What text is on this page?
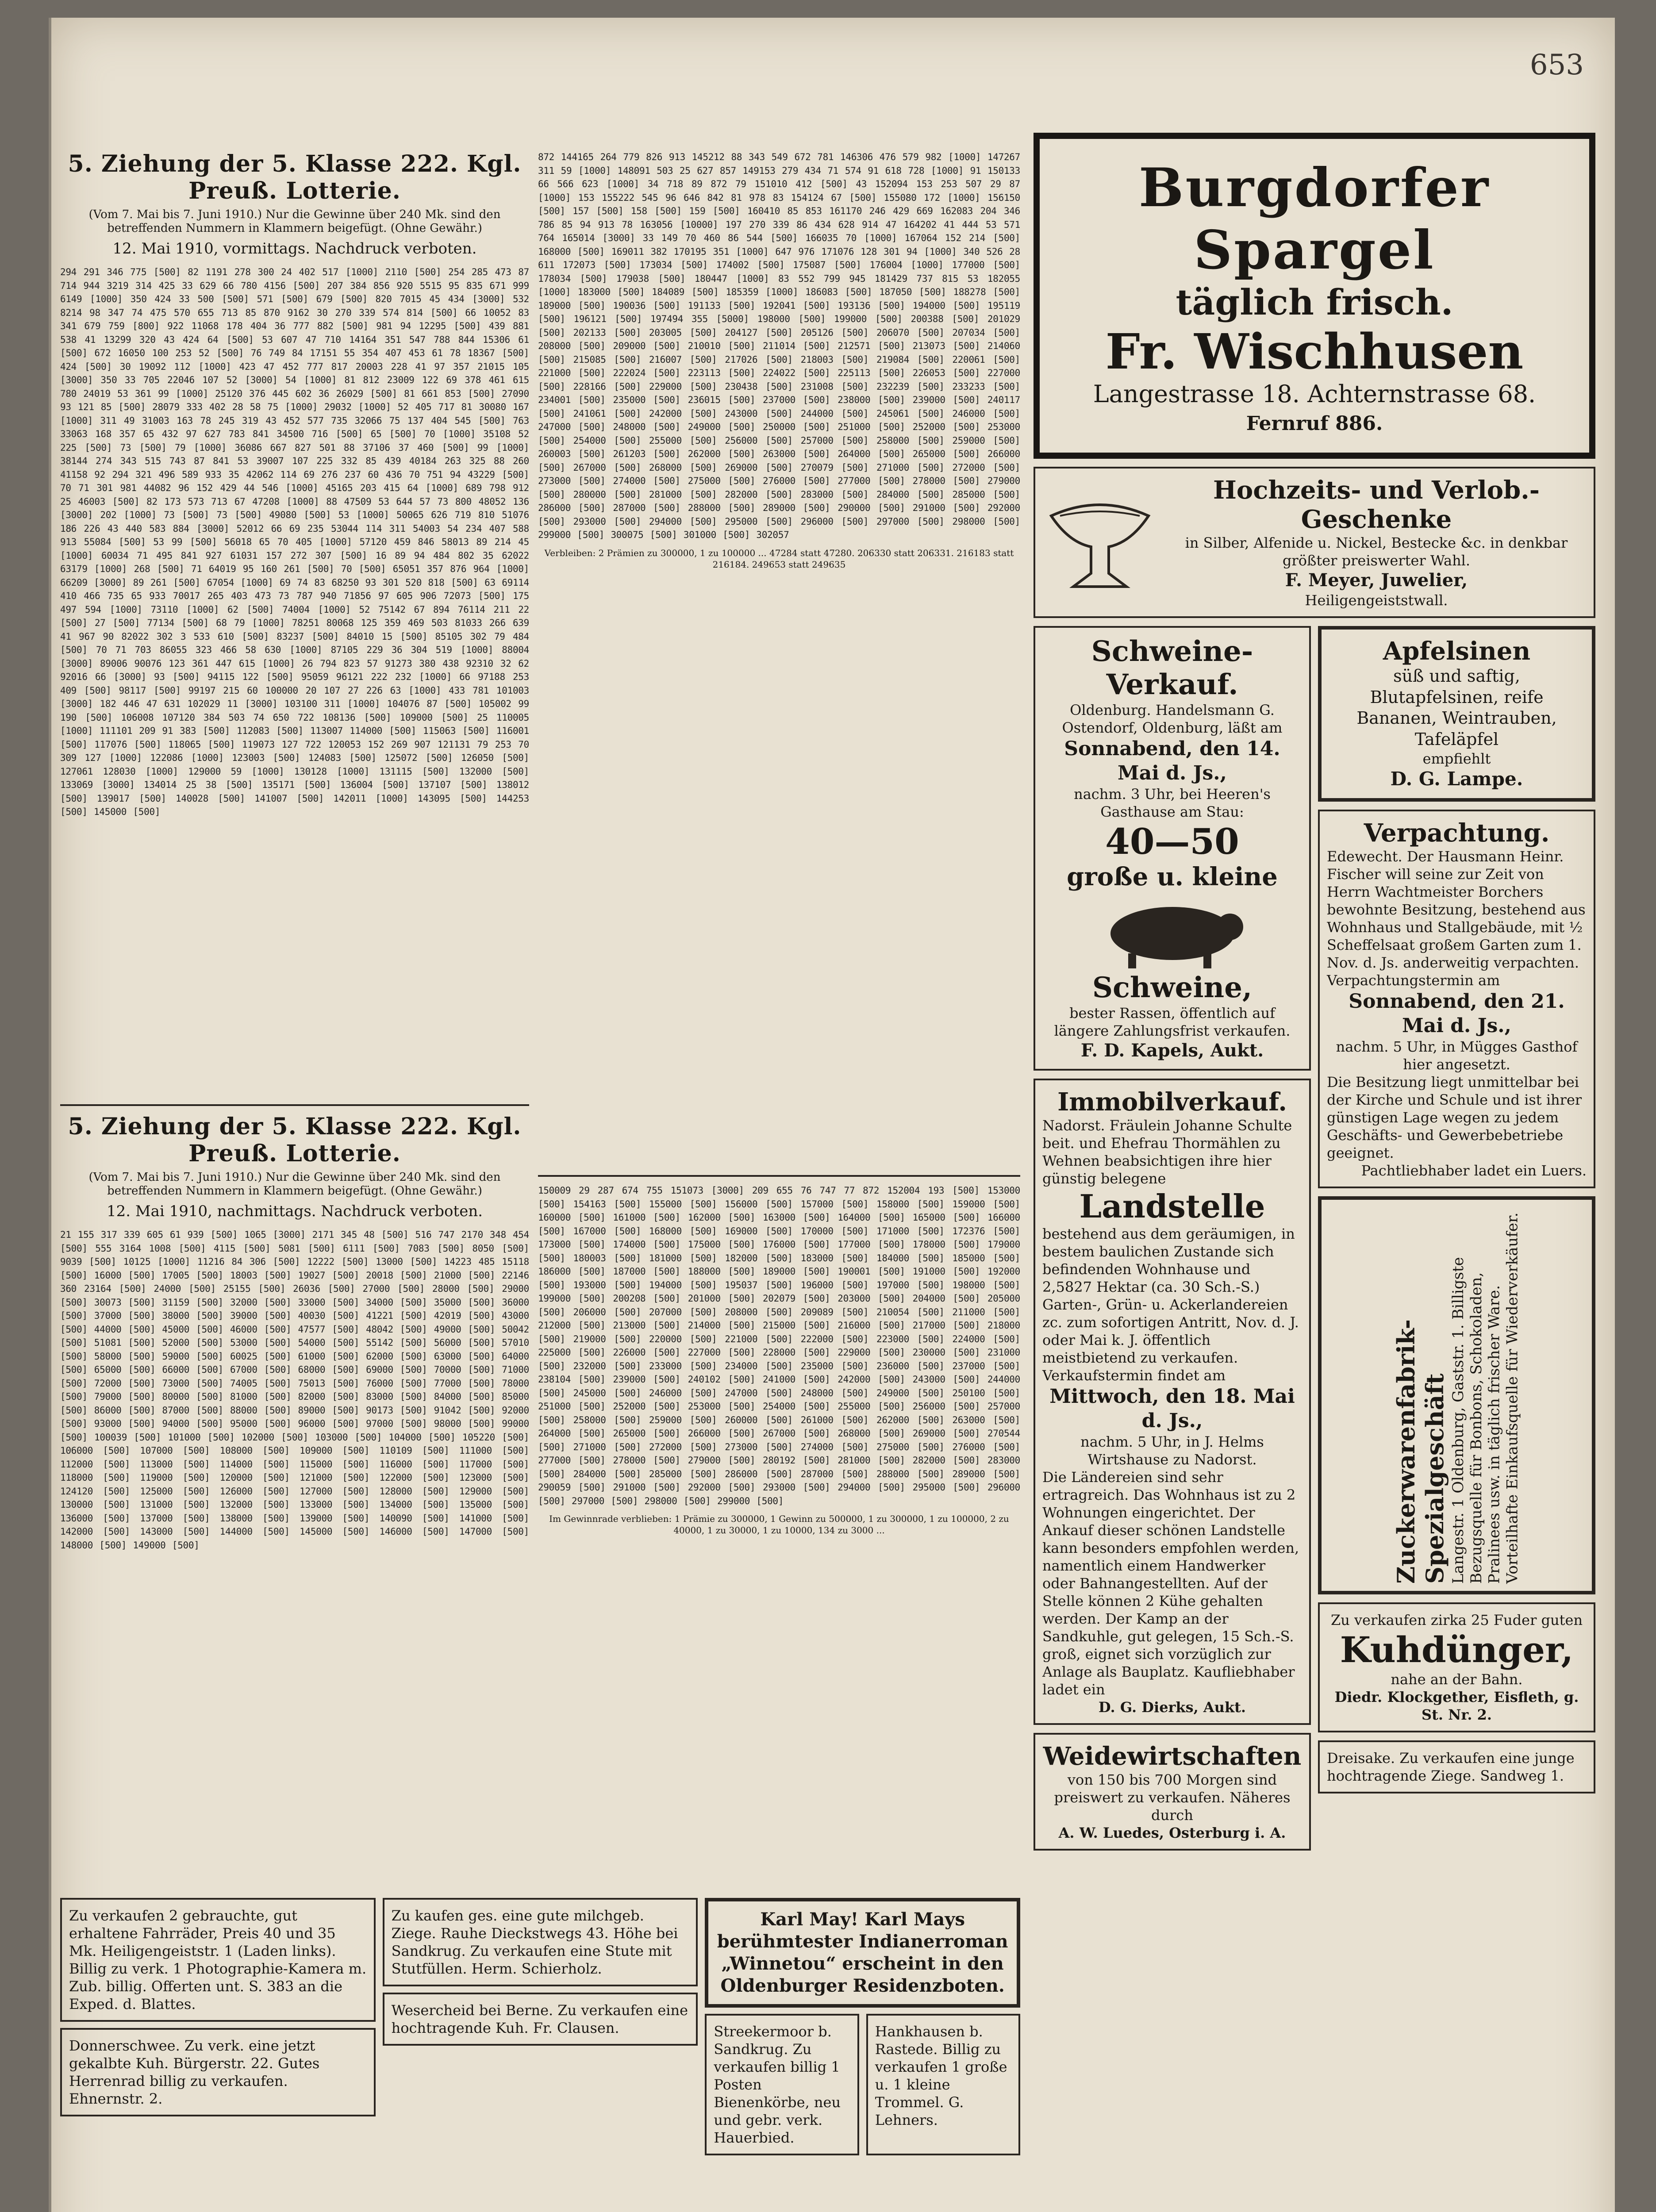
653
5. Ziehung der 5. Klasse 222. Kgl. Preuß. Lotterie.
(Vom 7. Mai bis 7. Juni 1910.) Nur die Gewinne über 240 Mk. sind den betreffenden Nummern in Klammern beigefügt. (Ohne Gewähr.)
12. Mai 1910, vormittags. Nachdruck verboten.
294 291 346 775 [500] 82 1191 278 300 24 402 517 [1000] 2110 [500] 254 285 473 87 714 944 3219 314 425 33 629 66 780 4156 [500] 207 384 856 920 5515 95 835 671 999 6149 [1000] 350 424 33 500 [500] 571 [500] 679 [500] 820 7015 45 434 [3000] 532 8214 98 347 74 475 570 655 713 85 870 9162 30 270 339 574 814 [500] 66 10052 83 341 679 759 [800] 922 11068 178 404 36 777 882 [500] 981 94 12295 [500] 439 881 538 41 13299 320 43 424 64 [500] 53 607 47 710 14164 351 547 788 844 15306 61 [500] 672 16050 100 253 52 [500] 76 749 84 17151 55 354 407 453 61 78 18367 [500] 424 [500] 30 19092 112 [1000] 423 47 452 777 817 20003 228 41 97 357 21015 105 [3000] 350 33 705 22046 107 52 [3000] 54 [1000] 81 812 23009 122 69 378 461 615 780 24019 53 361 99 [1000] 25120 376 445 602 36 26029 [500] 81 661 853 [500] 27090 93 121 85 [500] 28079 333 402 28 58 75 [1000] 29032 [1000] 52 405 717 81 30080 167 [1000] 311 49 31003 163 78 245 319 43 452 577 735 32066 75 137 404 545 [500] 763 33063 168 357 65 432 97 627 783 841 34500 716 [500] 65 [500] 70 [1000] 35108 52 225 [500] 73 [500] 79 [1000] 36086 667 827 501 88 37106 37 460 [500] 99 [1000] 38144 274 343 515 743 87 841 53 39007 107 225 332 85 439 40184 263 325 88 260 41158 92 294 321 496 589 933 35 42062 114 69 276 237 60 436 70 751 94 43229 [500] 70 71 301 981 44082 96 152 429 44 546 [1000] 45165 203 415 64 [1000] 689 798 912 25 46003 [500] 82 173 573 713 67 47208 [1000] 88 47509 53 644 57 73 800 48052 136 [3000] 202 [1000] 73 [500] 73 [500] 49080 [500] 53 [1000] 50065 626 719 810 51076 186 226 43 440 583 884 [3000] 52012 66 69 235 53044 114 311 54003 54 234 407 588 913 55084 [500] 53 99 [500] 56018 65 70 405 [1000] 57120 459 846 58013 89 214 45 [1000] 60034 71 495 841 927 61031 157 272 307 [500] 16 89 94 484 802 35 62022 63179 [1000] 268 [500] 71 64019 95 160 261 [500] 70 [500] 65051 357 876 964 [1000] 66209 [3000] 89 261 [500] 67054 [1000] 69 74 83 68250 93 301 520 818 [500] 63 69114 410 466 735 65 933 70017 265 403 473 73 787 940 71856 97 605 906 72073 [500] 175 497 594 [1000] 73110 [1000] 62 [500] 74004 [1000] 52 75142 67 894 76114 211 22 [500] 27 [500] 77134 [500] 68 79 [1000] 78251 80068 125 359 469 503 81033 266 639 41 967 90 82022 302 3 533 610 [500] 83237 [500] 84010 15 [500] 85105 302 79 484 [500] 70 71 703 86055 323 466 58 630 [1000] 87105 229 36 304 519 [1000] 88004 [3000] 89006 90076 123 361 447 615 [1000] 26 794 823 57 91273 380 438 92310 32 62 92016 66 [3000] 93 [500] 94115 122 [500] 95059 96121 222 232 [1000] 66 97188 253 409 [500] 98117 [500] 99197 215 60 100000 20 107 27 226 63 [1000] 433 781 101003 [3000] 182 446 47 631 102029 11 [3000] 103100 311 [1000] 104076 87 [500] 105002 99 190 [500] 106008 107120 384 503 74 650 722 108136 [500] 109000 [500] 25 110005 [1000] 111101 209 91 383 [500] 112083 [500] 113007 114000 [500] 115063 [500] 116001 [500] 117076 [500] 118065 [500] 119073 127 722 120053 152 269 907 121131 79 253 70 309 127 [1000] 122086 [1000] 123003 [500] 124083 [500] 125072 [500] 126050 [500] 127061 128030 [1000] 129000 59 [1000] 130128 [1000] 131115 [500] 132000 [500] 133069 [3000] 134014 25 38 [500] 135171 [500] 136004 [500] 137107 [500] 138012 [500] 139017 [500] 140028 [500] 141007 [500] 142011 [1000] 143095 [500] 144253 [500] 145000 [500]
5. Ziehung der 5. Klasse 222. Kgl. Preuß. Lotterie.
(Vom 7. Mai bis 7. Juni 1910.) Nur die Gewinne über 240 Mk. sind den betreffenden Nummern in Klammern beigefügt. (Ohne Gewähr.)
12. Mai 1910, nachmittags. Nachdruck verboten.
21 155 317 339 605 61 939 [500] 1065 [3000] 2171 345 48 [500] 516 747 2170 348 454 [500] 555 3164 1008 [500] 4115 [500] 5081 [500] 6111 [500] 7083 [500] 8050 [500] 9039 [500] 10125 [1000] 11216 84 306 [500] 12222 [500] 13000 [500] 14223 485 15118 [500] 16000 [500] 17005 [500] 18003 [500] 19027 [500] 20018 [500] 21000 [500] 22146 360 23164 [500] 24000 [500] 25155 [500] 26036 [500] 27000 [500] 28000 [500] 29000 [500] 30073 [500] 31159 [500] 32000 [500] 33000 [500] 34000 [500] 35000 [500] 36000 [500] 37000 [500] 38000 [500] 39000 [500] 40030 [500] 41221 [500] 42019 [500] 43000 [500] 44000 [500] 45000 [500] 46000 [500] 47577 [500] 48042 [500] 49000 [500] 50042 [500] 51081 [500] 52000 [500] 53000 [500] 54000 [500] 55142 [500] 56000 [500] 57010 [500] 58000 [500] 59000 [500] 60025 [500] 61000 [500] 62000 [500] 63000 [500] 64000 [500] 65000 [500] 66000 [500] 67000 [500] 68000 [500] 69000 [500] 70000 [500] 71000 [500] 72000 [500] 73000 [500] 74005 [500] 75013 [500] 76000 [500] 77000 [500] 78000 [500] 79000 [500] 80000 [500] 81000 [500] 82000 [500] 83000 [500] 84000 [500] 85000 [500] 86000 [500] 87000 [500] 88000 [500] 89000 [500] 90173 [500] 91042 [500] 92000 [500] 93000 [500] 94000 [500] 95000 [500] 96000 [500] 97000 [500] 98000 [500] 99000 [500] 100039 [500] 101000 [500] 102000 [500] 103000 [500] 104000 [500] 105220 [500] 106000 [500] 107000 [500] 108000 [500] 109000 [500] 110109 [500] 111000 [500] 112000 [500] 113000 [500] 114000 [500] 115000 [500] 116000 [500] 117000 [500] 118000 [500] 119000 [500] 120000 [500] 121000 [500] 122000 [500] 123000 [500] 124120 [500] 125000 [500] 126000 [500] 127000 [500] 128000 [500] 129000 [500] 130000 [500] 131000 [500] 132000 [500] 133000 [500] 134000 [500] 135000 [500] 136000 [500] 137000 [500] 138000 [500] 139000 [500] 140090 [500] 141000 [500] 142000 [500] 143000 [500] 144000 [500] 145000 [500] 146000 [500] 147000 [500] 148000 [500] 149000 [500]
872 144165 264 779 826 913 145212 88 343 549 672 781 146306 476 579 982 [1000] 147267 311 59 [1000] 148091 503 25 627 857 149153 279 434 71 574 91 618 728 [1000] 91 150133 66 566 623 [1000] 34 718 89 872 79 151010 412 [500] 43 152094 153 253 507 29 87 [1000] 153 155222 545 96 646 842 81 978 83 154124 67 [500] 155080 172 [1000] 156150 [500] 157 [500] 158 [500] 159 [500] 160410 85 853 161170 246 429 669 162083 204 346 786 85 94 913 78 163056 [10000] 197 270 339 86 434 628 914 47 164202 41 444 53 571 764 165014 [3000] 33 149 70 460 86 544 [500] 166035 70 [1000] 167064 152 214 [500] 168000 [500] 169011 382 170195 351 [1000] 647 976 171076 128 301 94 [1000] 340 526 28 611 172073 [500] 173034 [500] 174002 [500] 175087 [500] 176004 [1000] 177000 [500] 178034 [500] 179038 [500] 180447 [1000] 83 552 799 945 181429 737 815 53 182055 [1000] 183000 [500] 184089 [500] 185359 [1000] 186083 [500] 187050 [500] 188278 [500] 189000 [500] 190036 [500] 191133 [500] 192041 [500] 193136 [500] 194000 [500] 195119 [500] 196121 [500] 197494 355 [5000] 198000 [500] 199000 [500] 200388 [500] 201029 [500] 202133 [500] 203005 [500] 204127 [500] 205126 [500] 206070 [500] 207034 [500] 208000 [500] 209000 [500] 210010 [500] 211014 [500] 212571 [500] 213073 [500] 214060 [500] 215085 [500] 216007 [500] 217026 [500] 218003 [500] 219084 [500] 220061 [500] 221000 [500] 222024 [500] 223113 [500] 224022 [500] 225113 [500] 226053 [500] 227000 [500] 228166 [500] 229000 [500] 230438 [500] 231008 [500] 232239 [500] 233233 [500] 234001 [500] 235000 [500] 236015 [500] 237000 [500] 238000 [500] 239000 [500] 240117 [500] 241061 [500] 242000 [500] 243000 [500] 244000 [500] 245061 [500] 246000 [500] 247000 [500] 248000 [500] 249000 [500] 250000 [500] 251000 [500] 252000 [500] 253000 [500] 254000 [500] 255000 [500] 256000 [500] 257000 [500] 258000 [500] 259000 [500] 260003 [500] 261203 [500] 262000 [500] 263000 [500] 264000 [500] 265000 [500] 266000 [500] 267000 [500] 268000 [500] 269000 [500] 270079 [500] 271000 [500] 272000 [500] 273000 [500] 274000 [500] 275000 [500] 276000 [500] 277000 [500] 278000 [500] 279000 [500] 280000 [500] 281000 [500] 282000 [500] 283000 [500] 284000 [500] 285000 [500] 286000 [500] 287000 [500] 288000 [500] 289000 [500] 290000 [500] 291000 [500] 292000 [500] 293000 [500] 294000 [500] 295000 [500] 296000 [500] 297000 [500] 298000 [500] 299000 [500] 300075 [500] 301000 [500] 302057
Verbleiben: 2 Prämien zu 300000, 1 zu 100000 ... 47284 statt 47280. 206330 statt 206331. 216183 statt 216184. 249653 statt 249635
150009 29 287 674 755 151073 [3000] 209 655 76 747 77 872 152004 193 [500] 153000 [500] 154163 [500] 155000 [500] 156000 [500] 157000 [500] 158000 [500] 159000 [500] 160000 [500] 161000 [500] 162000 [500] 163000 [500] 164000 [500] 165000 [500] 166000 [500] 167000 [500] 168000 [500] 169000 [500] 170000 [500] 171000 [500] 172376 [500] 173000 [500] 174000 [500] 175000 [500] 176000 [500] 177000 [500] 178000 [500] 179000 [500] 180003 [500] 181000 [500] 182000 [500] 183000 [500] 184000 [500] 185000 [500] 186000 [500] 187000 [500] 188000 [500] 189000 [500] 190001 [500] 191000 [500] 192000 [500] 193000 [500] 194000 [500] 195037 [500] 196000 [500] 197000 [500] 198000 [500] 199000 [500] 200208 [500] 201000 [500] 202079 [500] 203000 [500] 204000 [500] 205000 [500] 206000 [500] 207000 [500] 208000 [500] 209089 [500] 210054 [500] 211000 [500] 212000 [500] 213000 [500] 214000 [500] 215000 [500] 216000 [500] 217000 [500] 218000 [500] 219000 [500] 220000 [500] 221000 [500] 222000 [500] 223000 [500] 224000 [500] 225000 [500] 226000 [500] 227000 [500] 228000 [500] 229000 [500] 230000 [500] 231000 [500] 232000 [500] 233000 [500] 234000 [500] 235000 [500] 236000 [500] 237000 [500] 238104 [500] 239000 [500] 240102 [500] 241000 [500] 242000 [500] 243000 [500] 244000 [500] 245000 [500] 246000 [500] 247000 [500] 248000 [500] 249000 [500] 250100 [500] 251000 [500] 252000 [500] 253000 [500] 254000 [500] 255000 [500] 256000 [500] 257000 [500] 258000 [500] 259000 [500] 260000 [500] 261000 [500] 262000 [500] 263000 [500] 264000 [500] 265000 [500] 266000 [500] 267000 [500] 268000 [500] 269000 [500] 270544 [500] 271000 [500] 272000 [500] 273000 [500] 274000 [500] 275000 [500] 276000 [500] 277000 [500] 278000 [500] 279000 [500] 280192 [500] 281000 [500] 282000 [500] 283000 [500] 284000 [500] 285000 [500] 286000 [500] 287000 [500] 288000 [500] 289000 [500] 290059 [500] 291000 [500] 292000 [500] 293000 [500] 294000 [500] 295000 [500] 296000 [500] 297000 [500] 298000 [500] 299000 [500]
Im Gewinnrade verblieben: 1 Prämie zu 300000, 1 Gewinn zu 500000, 1 zu 300000, 1 zu 100000, 2 zu 40000, 1 zu 30000, 1 zu 10000, 134 zu 3000 ...
Zu verkaufen 2 gebrauchte, gut erhaltene Fahrräder, Preis 40 und 35 Mk. Heiligengeiststr. 1 (Laden links). Billig zu verk. 1 Photographie-Kamera m. Zub. billig. Offerten unt. S. 383 an die Exped. d. Blattes.
Donnerschwee. Zu verk. eine jetzt gekalbte Kuh. Bürgerstr. 22. Gutes Herrenrad billig zu verkaufen. Ehnernstr. 2.
Zu kaufen ges. eine gute milchgeb. Ziege. Rauhe Dieckstwegs 43. Höhe bei Sandkrug. Zu verkaufen eine Stute mit Stutfüllen. Herm. Schierholz.
Wesercheid bei Berne. Zu verkaufen eine hochtragende Kuh. Fr. Clausen.
Karl May! Karl Mays berühmtester Indianerroman „Winnetou“ erscheint in den Oldenburger Residenzboten.
Streekermoor b. Sandkrug. Zu verkaufen billig 1 Posten Bienenkörbe, neu und gebr. verk. Hauerbied.
Hankhausen b. Rastede. Billig zu verkaufen 1 große u. 1 kleine Trommel. G. Lehners.
Burgdorfer Spargel
täglich frisch.
Fr. Wischhusen
Langestrasse 18. Achternstrasse 68.
Fernruf 886.
Hochzeits- und Verlob.-Geschenke
in Silber, Alfenide u. Nickel, Bestecke &c. in denkbar größter preiswerter Wahl.
F. Meyer, Juwelier,
Heiligengeiststwall.
Schweine-Verkauf.
Oldenburg. Handelsmann G. Ostendorf, Oldenburg, läßt am
Sonnabend, den 14. Mai d. Js.,
nachm. 3 Uhr, bei Heeren's Gasthause am Stau:
40—50
große u. kleine
Schweine,
bester Rassen, öffentlich auf längere Zahlungsfrist verkaufen.
F. D. Kapels, Aukt.
Immobilverkauf.
Nadorst. Fräulein Johanne Schulte beit. und Ehefrau Thormählen zu Wehnen beabsichtigen ihre hier günstig belegene
Landstelle
bestehend aus dem geräumigen, in bestem baulichen Zustande sich befindenden Wohnhause und 2,5827 Hektar (ca. 30 Sch.-S.) Garten-, Grün- u. Ackerlandereien zc. zum sofortigen Antritt, Nov. d. J. oder Mai k. J. öffentlich meistbietend zu verkaufen.
Verkaufstermin findet am
Mittwoch, den 18. Mai d. Js.,
nachm. 5 Uhr, in J. Helms Wirtshause zu Nadorst.
Die Ländereien sind sehr ertragreich. Das Wohnhaus ist zu 2 Wohnungen eingerichtet. Der Ankauf dieser schönen Landstelle kann besonders empfohlen werden, namentlich einem Handwerker oder Bahnangestellten. Auf der Stelle können 2 Kühe gehalten werden. Der Kamp an der Sandkuhle, gut gelegen, 15 Sch.-S. groß, eignet sich vorzüglich zur Anlage als Bauplatz. Kaufliebhaber ladet ein
D. G. Dierks, Aukt.
Weidewirtschaften
von 150 bis 700 Morgen sind preiswert zu verkaufen. Näheres durch
A. W. Luedes, Osterburg i. A.
Apfelsinen
süß und saftig, Blutapfelsinen, reife Bananen, Weintrauben, Tafeläpfel
empfiehlt
D. G. Lampe.
Verpachtung.
Edewecht. Der Hausmann Heinr. Fischer will seine zur Zeit von Herrn Wachtmeister Borchers bewohnte Besitzung, bestehend aus Wohnhaus und Stallgebäude, mit ½ Scheffelsaat großem Garten zum 1. Nov. d. Js. anderweitig verpachten. Verpachtungstermin am
Sonnabend, den 21. Mai d. Js.,
nachm. 5 Uhr, in Mügges Gasthof hier angesetzt.
Die Besitzung liegt unmittelbar bei der Kirche und Schule und ist ihrer günstigen Lage wegen zu jedem Geschäfts- und Gewerbebetriebe geeignet.
Pachtliebhaber ladet ein Luers.
Zuckerwarenfabrik-Spezialgeschäft Langestr. 1 Oldenburg, Gaststr. 1. Billigste Bezugsquelle für Bonbons, Schokoladen, Pralinees usw. in täglich frischer Ware. Vorteilhafte Einkaufsquelle für Wiederverkäufer.
Zu verkaufen zirka 25 Fuder guten
Kuhdünger,
nahe an der Bahn.
Diedr. Klockgether, Eisfleth, g. St. Nr. 2.
Dreisake. Zu verkaufen eine junge hochtragende Ziege. Sandweg 1.
